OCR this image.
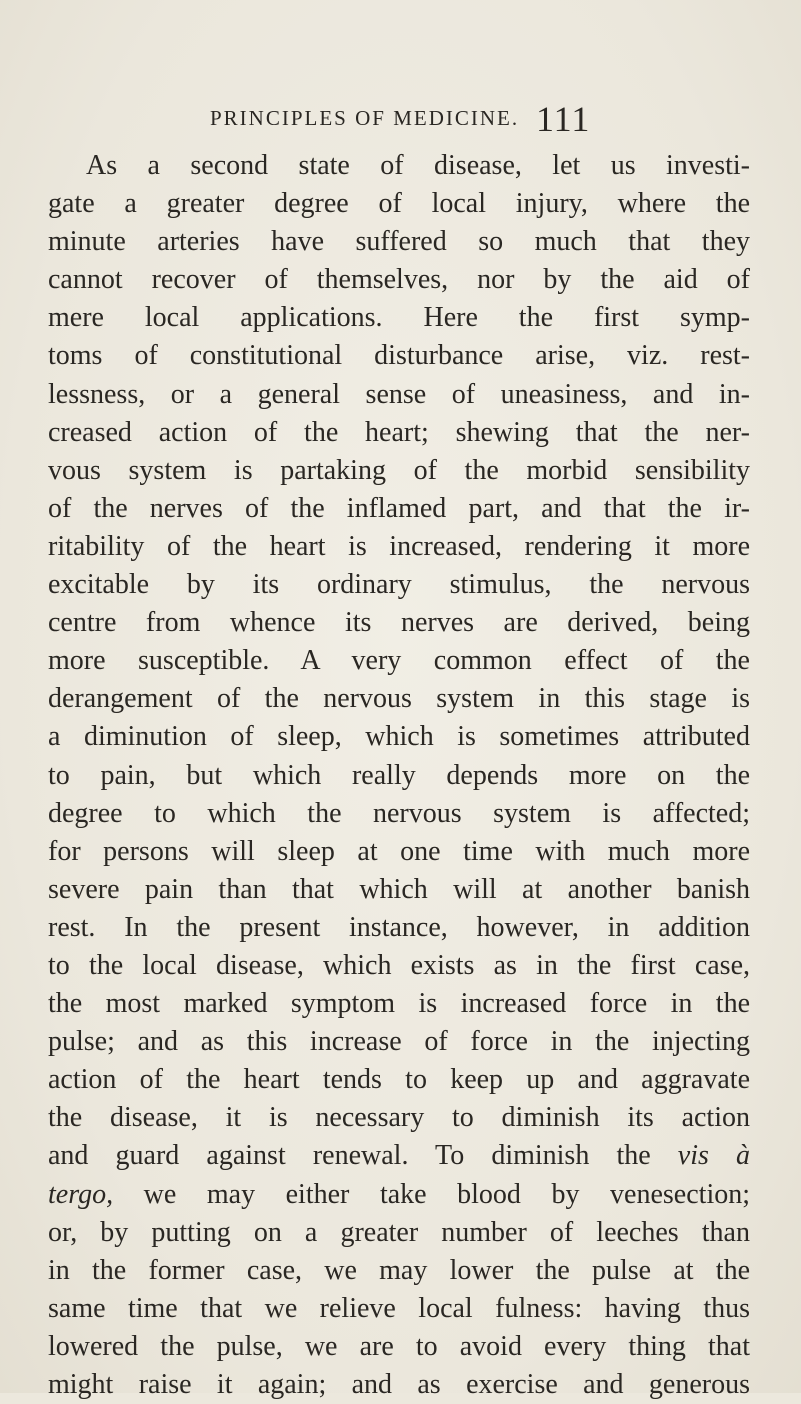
PRINCIPLES OF MEDICINE. 111
As a second state of disease, let us investi-
gate a greater degree of local injury, where the
minute arteries have suffered so much that they
cannot recover of themselves, nor by the aid of
mere local applications. Here the first symp-
toms of constitutional disturbance arise, viz. rest-
lessness, or a general sense of uneasiness, and in-
creased action of the heart; shewing that the ner-
vous system is partaking of the morbid sensibility
of the nerves of the inflamed part, and that the ir-
ritability of the heart is increased, rendering it more
excitable by its ordinary stimulus, the nervous
centre from whence its nerves are derived, being
more susceptible. A very common effect of the
derangement of the nervous system in this stage is
a diminution of sleep, which is sometimes attributed
to pain, but which really depends more on the
degree to which the nervous system is affected;
for persons will sleep at one time with much more
severe pain than that which will at another banish
rest. In the present instance, however, in addition
to the local disease, which exists as in the first case,
the most marked symptom is increased force in the
pulse; and as this increase of force in the injecting
action of the heart tends to keep up and aggravate
the disease, it is necessary to diminish its action
and guard against renewal. To diminish the vis à
tergo, we may either take blood by venesection;
or, by putting on a greater number of leeches than
in the former case, we may lower the pulse at the
same time that we relieve local fulness: having thus
lowered the pulse, we are to avoid every thing that
might raise it again; and as exercise and generous
